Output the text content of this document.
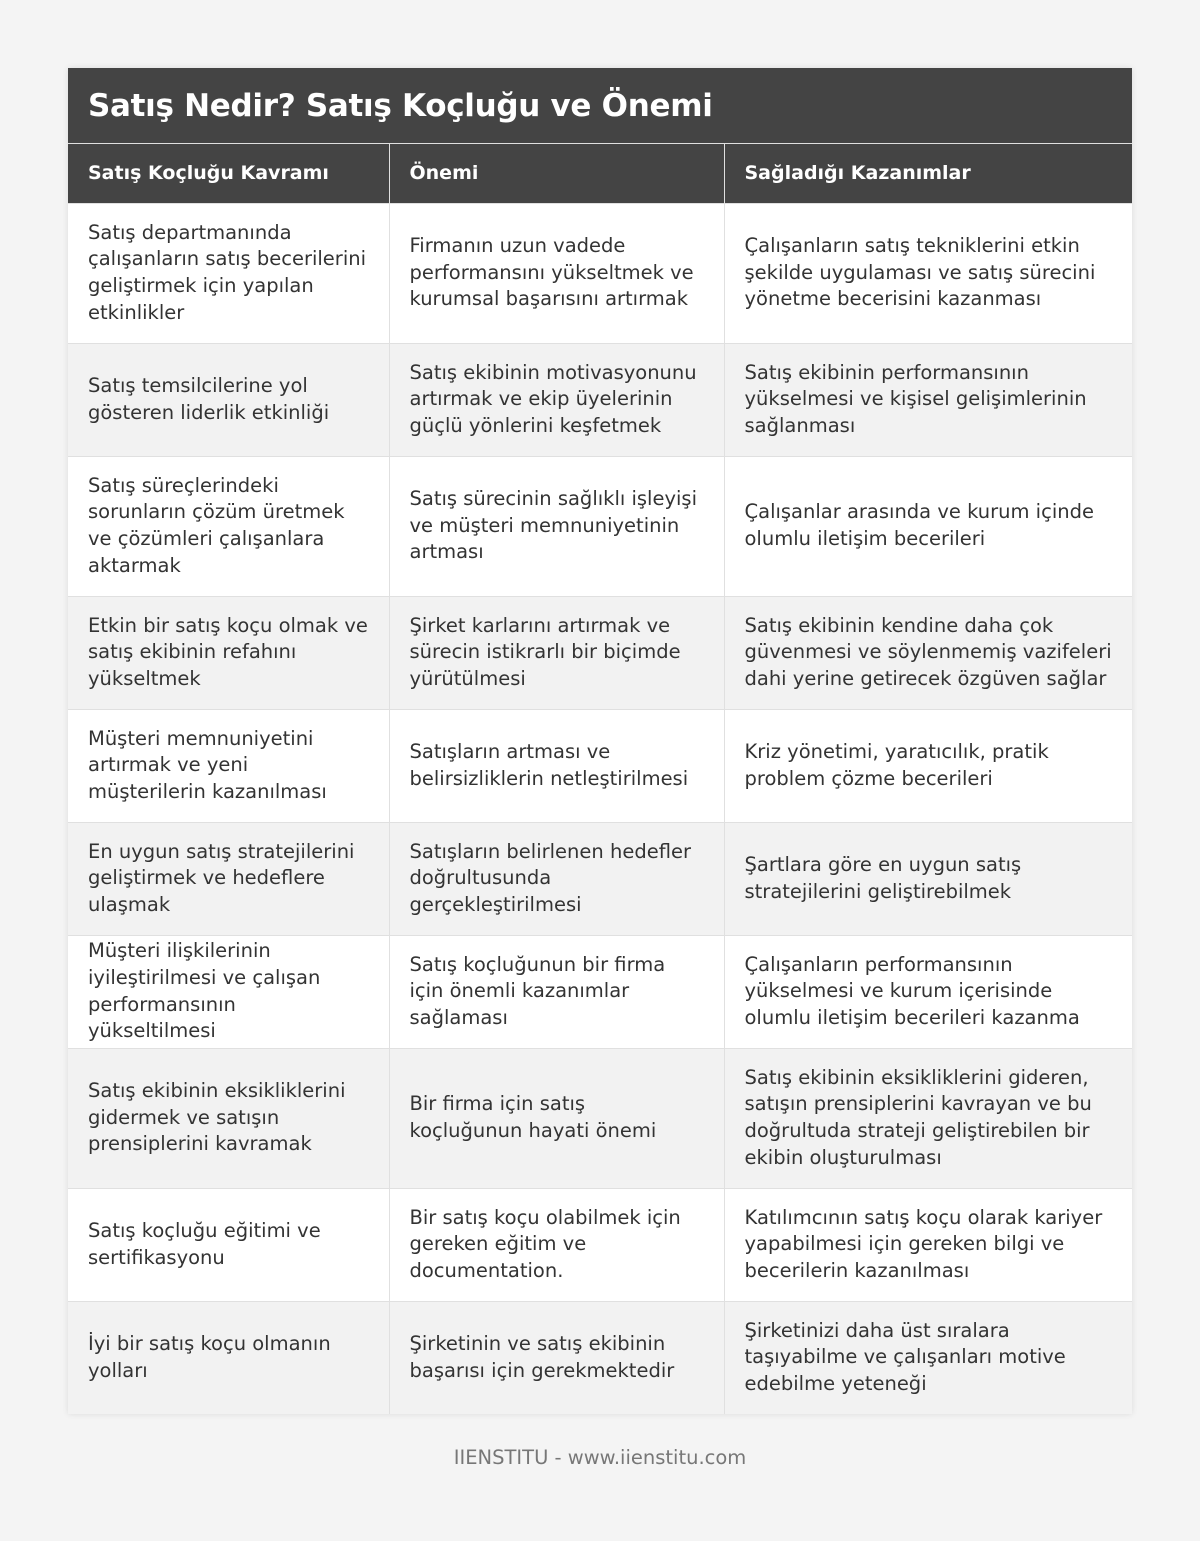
Satış Nedir? Satış Koçluğu ve Önemi
Satış Koçluğu Kavramı	Önemi	Sağladığı Kazanımlar
Satış departmanında çalışanların satış becerilerini geliştirmek için yapılan etkinlikler	Firmanın uzun vadede performansını yükseltmek ve kurumsal başarısını artırmak	Çalışanların satış tekniklerini etkin şekilde uygulaması ve satış sürecini yönetme becerisini kazanması
Satış temsilcilerine yol gösteren liderlik etkinliği	Satış ekibinin motivasyonunu artırmak ve ekip üyelerinin güçlü yönlerini keşfetmek	Satış ekibinin performansının yükselmesi ve kişisel gelişimlerinin sağlanması
Satış süreçlerindeki sorunların çözüm üretmek ve çözümleri çalışanlara aktarmak	Satış sürecinin sağlıklı işleyişi ve müşteri memnuniyetinin artması	Çalışanlar arasında ve kurum içinde olumlu iletişim becerileri
Etkin bir satış koçu olmak ve satış ekibinin refahını yükseltmek	Şirket karlarını artırmak ve sürecin istikrarlı bir biçimde yürütülmesi	Satış ekibinin kendine daha çok güvenmesi ve söylenmemiş vazifeleri dahi yerine getirecek özgüven sağlar
Müşteri memnuniyetini artırmak ve yeni müşterilerin kazanılması	Satışların artması ve belirsizliklerin netleştirilmesi	Kriz yönetimi, yaratıcılık, pratik problem çözme becerileri
En uygun satış stratejilerini geliştirmek ve hedeflere ulaşmak	Satışların belirlenen hedefler doğrultusunda gerçekleştirilmesi	Şartlara göre en uygun satış stratejilerini geliştirebilmek
Müşteri ilişkilerinin iyileştirilmesi ve çalışan performansının yükseltilmesi	Satış koçluğunun bir firma için önemli kazanımlar sağlaması	Çalışanların performansının yükselmesi ve kurum içerisinde olumlu iletişim becerileri kazanma
Satış ekibinin eksikliklerini gidermek ve satışın prensiplerini kavramak	Bir firma için satış koçluğunun hayati önemi	Satış ekibinin eksikliklerini gideren, satışın prensiplerini kavrayan ve bu doğrultuda strateji geliştirebilen bir ekibin oluşturulması
Satış koçluğu eğitimi ve sertifikasyonu	Bir satış koçu olabilmek için gereken eğitim ve documentation.	Katılımcının satış koçu olarak kariyer yapabilmesi için gereken bilgi ve becerilerin kazanılması
İyi bir satış koçu olmanın yolları	Şirketinin ve satış ekibinin başarısı için gerekmektedir	Şirketinizi daha üst sıralara taşıyabilme ve çalışanları motive edebilme yeteneği
IIENSTITU - www.iienstitu.com
